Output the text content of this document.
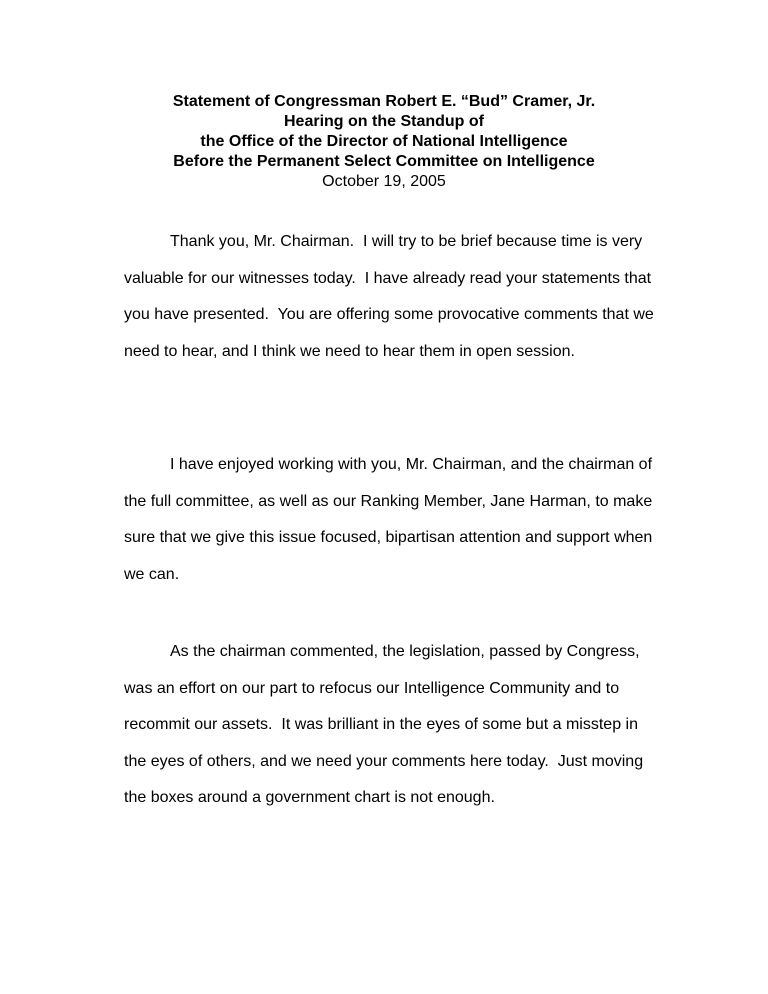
Statement of Congressman Robert E. “Bud” Cramer, Jr.
Hearing on the Standup of
the Office of the Director of National Intelligence
Before the Permanent Select Committee on Intelligence
October 19, 2005

Thank you, Mr. Chairman.  I will try to be brief because time is very valuable for our witnesses today.  I have already read your statements that you have presented.  You are offering some provocative comments that we need to hear, and I think we need to hear them in open session.

I have enjoyed working with you, Mr. Chairman, and the chairman of the full committee, as well as our Ranking Member, Jane Harman, to make sure that we give this issue focused, bipartisan attention and support when we can.

As the chairman commented, the legislation, passed by Congress, was an effort on our part to refocus our Intelligence Community and to recommit our assets.  It was brilliant in the eyes of some but a misstep in the eyes of others, and we need your comments here today.  Just moving the boxes around a government chart is not enough.
